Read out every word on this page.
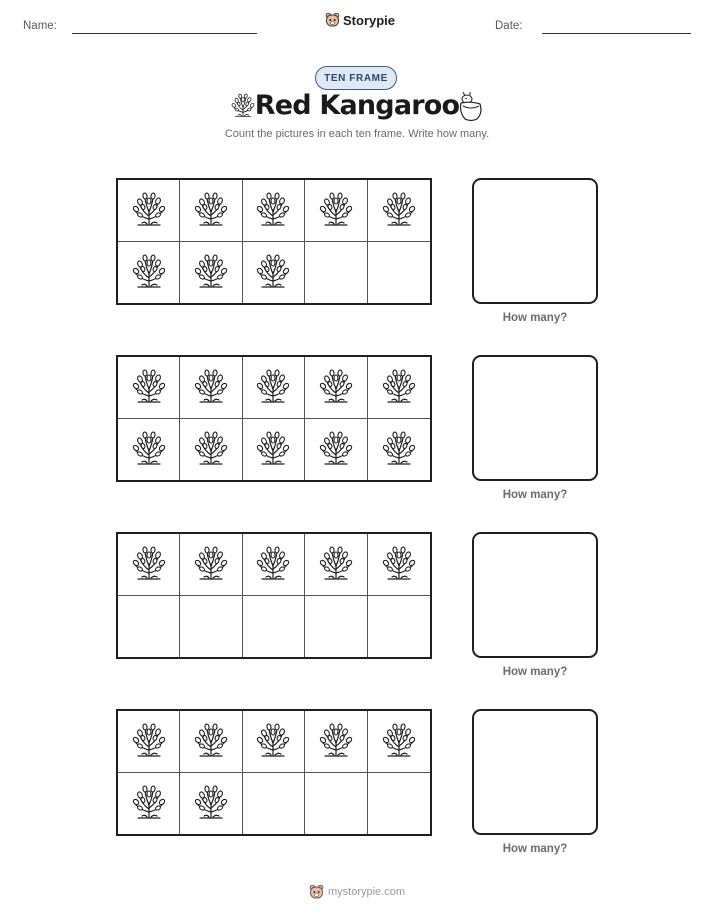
Name:	Storypie	Date:
TEN FRAME
Red Kangaroo
Count the pictures in each ten frame. Write how many.
How many?
How many?
How many?
How many?
mystorypie.com
